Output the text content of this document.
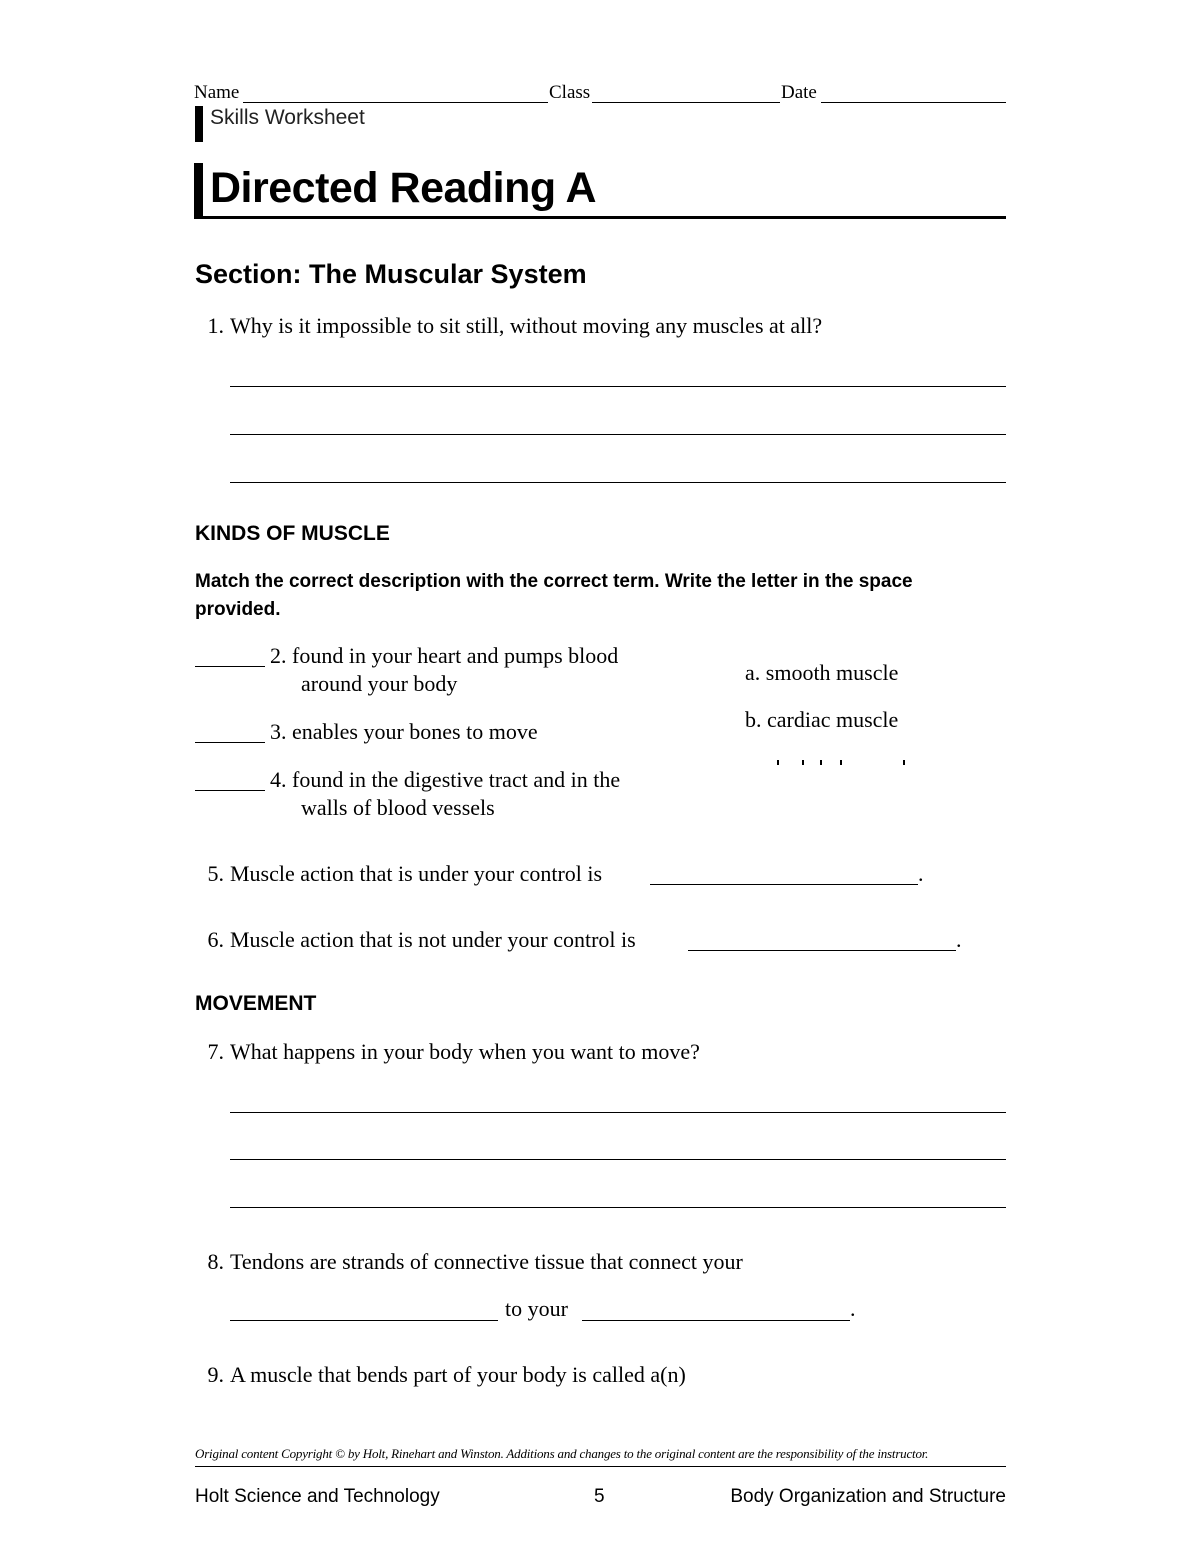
Name	Class	Date
Skills Worksheet
Directed Reading A
Section: The Muscular System
1. Why is it impossible to sit still, without moving any muscles at all?
KINDS OF MUSCLE
Match the correct description with the correct term. Write the letter in the space provided.
2. found in your heart and pumps blood
around your body
3. enables your bones to move
4. found in the digestive tract and in the
walls of blood vessels
a. smooth muscle
b. cardiac muscle
5. Muscle action that is under your control is	.
6. Muscle action that is not under your control is	.
MOVEMENT
7. What happens in your body when you want to move?
8. Tendons are strands of connective tissue that connect your
to your	.
9. A muscle that bends part of your body is called a(n)
Original content Copyright © by Holt, Rinehart and Winston. Additions and changes to the original content are the responsibility of the instructor.
Holt Science and Technology	5	Body Organization and Structure
